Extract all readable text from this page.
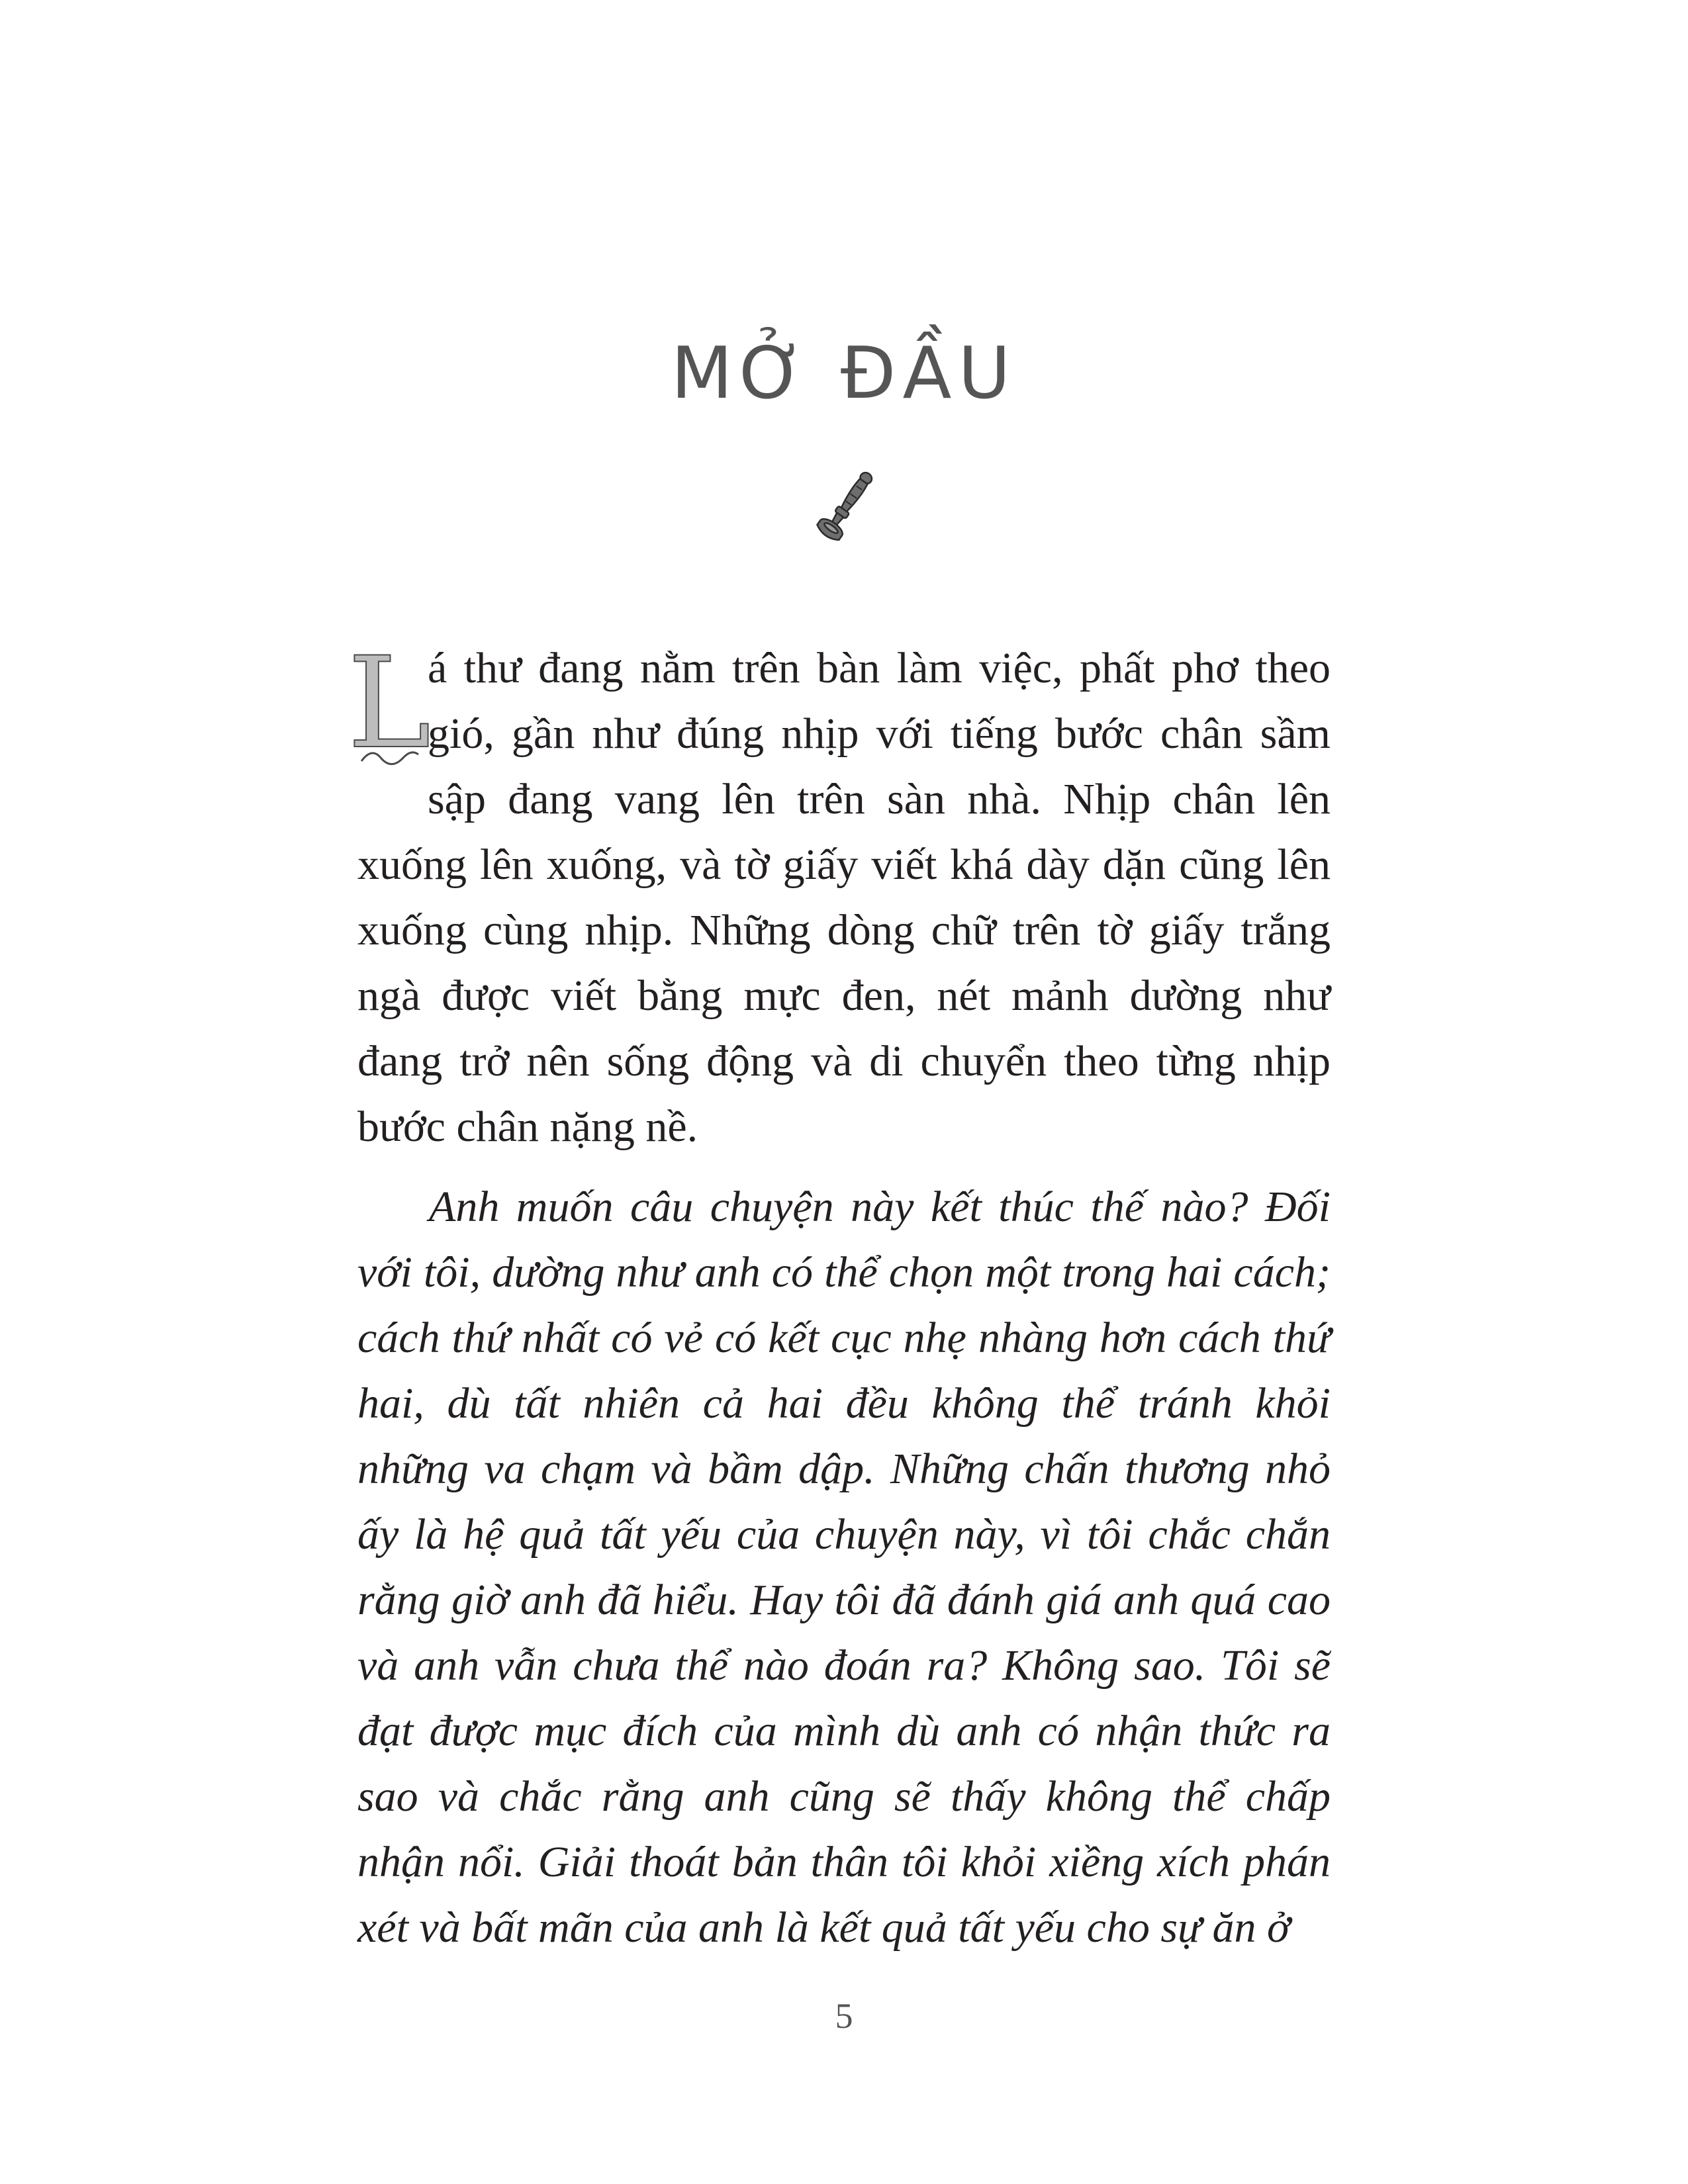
MỞ ĐẦU

L
á thư đang nằm trên bàn làm việc, phất phơ theo gió, gần như đúng nhịp với tiếng bước chân sầm sập đang vang lên trên sàn nhà. Nhịp chân lên xuống lên xuống, và tờ giấy viết khá dày dặn cũng lên xuống cùng nhịp. Những dòng chữ trên tờ giấy trắng ngà được viết bằng mực đen, nét mảnh dường như đang trở nên sống động và di chuyển theo từng nhịp bước chân nặng nề.

Anh muốn câu chuyện này kết thúc thế nào? Đối với tôi, dường như anh có thể chọn một trong hai cách; cách thứ nhất có vẻ có kết cục nhẹ nhàng hơn cách thứ hai, dù tất nhiên cả hai đều không thể tránh khỏi những va chạm và bầm dập. Những chấn thương nhỏ ấy là hệ quả tất yếu của chuyện này, vì tôi chắc chắn rằng giờ anh đã hiểu. Hay tôi đã đánh giá anh quá cao và anh vẫn chưa thể nào đoán ra? Không sao. Tôi sẽ đạt được mục đích của mình dù anh có nhận thức ra sao và chắc rằng anh cũng sẽ thấy không thể chấp nhận nổi. Giải thoát bản thân tôi khỏi xiềng xích phán xét và bất mãn của anh là kết quả tất yếu cho sự ăn ở

5
